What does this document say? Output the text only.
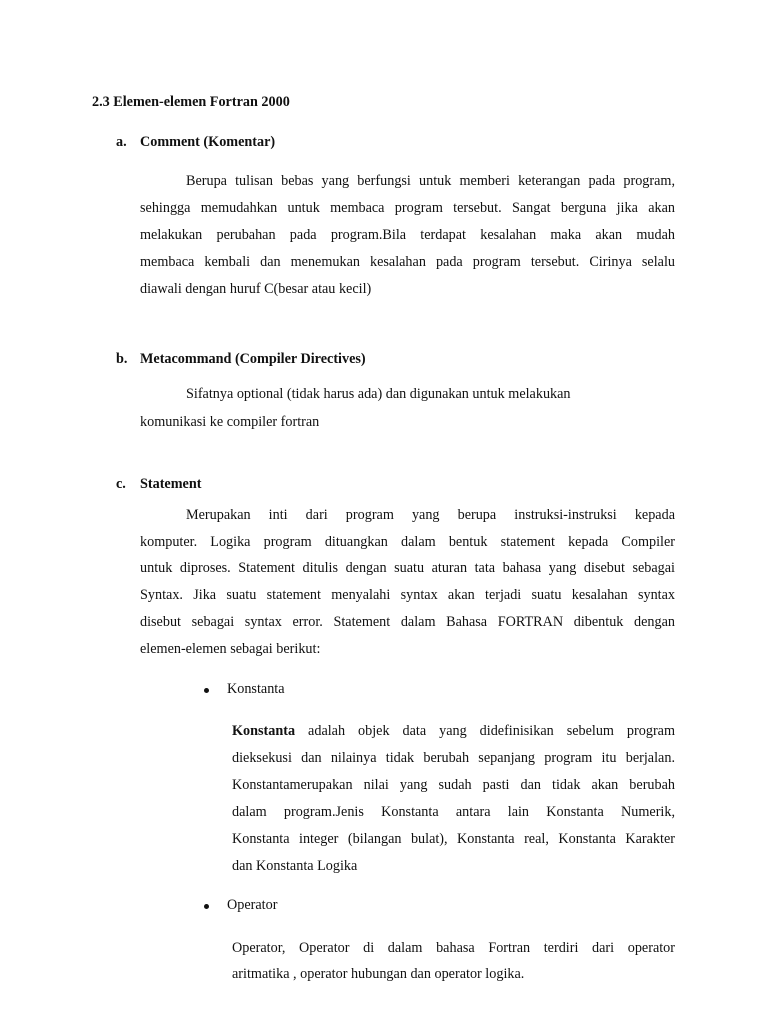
2.3 Elemen-elemen Fortran 2000
a. Comment (Komentar)
Berupa tulisan bebas yang berfungsi untuk memberi keterangan pada program,
sehingga memudahkan untuk membaca program tersebut. Sangat berguna jika akan
melakukan perubahan pada program.Bila terdapat kesalahan maka akan mudah
membaca kembali dan menemukan kesalahan pada program tersebut. Cirinya selalu
diawali dengan huruf C(besar atau kecil)
b. Metacommand (Compiler Directives)
Sifatnya optional (tidak harus ada) dan digunakan untuk melakukan
komunikasi ke compiler fortran
c. Statement
Merupakan inti dari program yang berupa instruksi-instruksi kepada
komputer. Logika program dituangkan dalam bentuk statement kepada Compiler
untuk diproses. Statement ditulis dengan suatu aturan tata bahasa yang disebut sebagai
Syntax. Jika suatu statement menyalahi syntax akan terjadi suatu kesalahan syntax
disebut sebagai syntax error. Statement dalam Bahasa FORTRAN dibentuk dengan
elemen-elemen sebagai berikut:
Konstanta
Konstanta adalah objek data yang didefinisikan sebelum program
dieksekusi dan nilainya tidak berubah sepanjang program itu berjalan.
Konstantamerupakan nilai yang sudah pasti dan tidak akan berubah
dalam program.Jenis Konstanta antara lain Konstanta Numerik,
Konstanta integer (bilangan bulat), Konstanta real, Konstanta Karakter
dan Konstanta Logika
Operator
Operator, Operator di dalam bahasa Fortran terdiri dari operator
aritmatika , operator hubungan dan operator logika.
